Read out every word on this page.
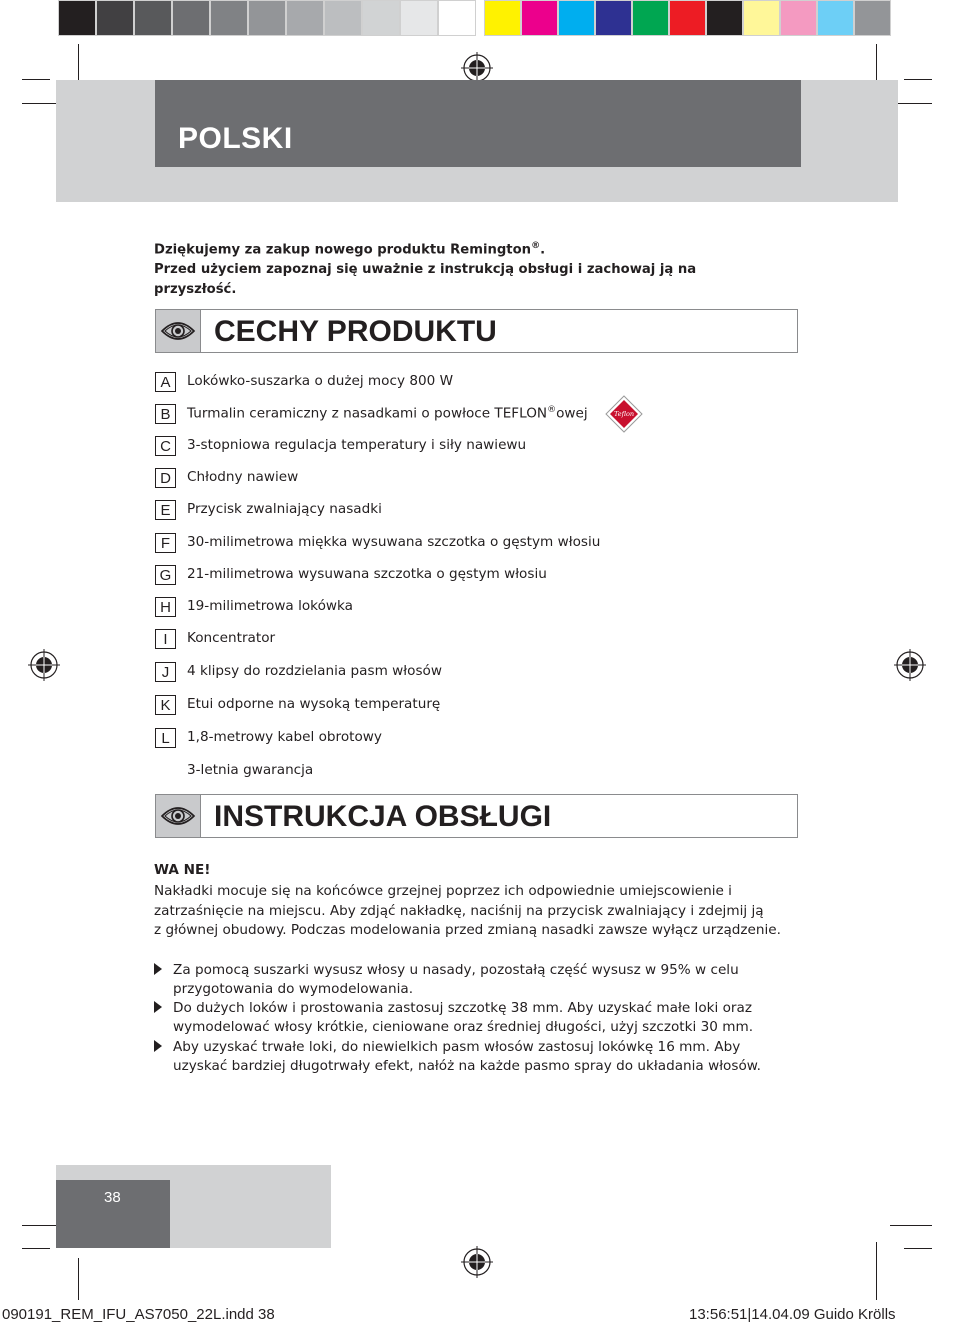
POLSKI
Dziękujemy za zakup nowego produktu Remington®.
Przed użyciem zapoznaj się uważnie z instrukcją obsługi i zachowaj ją na przyszłość.
CECHY PRODUKTU
A	Lokówko-suszarka o dużej mocy 800 W
B	Turmalin ceramiczny z nasadkami o powłoce TEFLON®owej	Teflon
C	3-stopniowa regulacja temperatury i siły nawiewu
D	Chłodny nawiew
E	Przycisk zwalniający nasadki
F	30-milimetrowa miękka wysuwana szczotka o gęstym włosiu
G	21-milimetrowa wysuwana szczotka o gęstym włosiu
H	19-milimetrowa lokówka
I	Koncentrator
J	4 klipsy do rozdzielania pasm włosów
K	Etui odporne na wysoką temperaturę
L	1,8-metrowy kabel obrotowy
3-letnia gwarancja
INSTRUKCJA OBSŁUGI
WA NE!
Nakładki mocuje się na końcówce grzejnej poprzez ich odpowiednie umiejscowienie i
zatrzaśnięcie na miejscu. Aby zdjąć nakładkę, naciśnij na przycisk zwalniający i zdejmij ją
z głównej obudowy. Podczas modelowania przed zmianą nasadki zawsze wyłącz urządzenie.
Za pomocą suszarki wysusz włosy u nasady, pozostałą część wysusz w 95% w celu
przygotowania do wymodelowania.
Do dużych loków i prostowania zastosuj szczotkę 38 mm. Aby uzyskać małe loki oraz
wymodelować włosy krótkie, cieniowane oraz średniej długości, użyj szczotki 30 mm.
Aby uzyskać trwałe loki, do niewielkich pasm włosów zastosuj lokówkę 16 mm. Aby
uzyskać bardziej długotrwały efekt, nałóż na każde pasmo spray do układania włosów.
38
090191_REM_IFU_AS7050_22L.indd 38	13:56:51|14.04.09 Guido Krölls
